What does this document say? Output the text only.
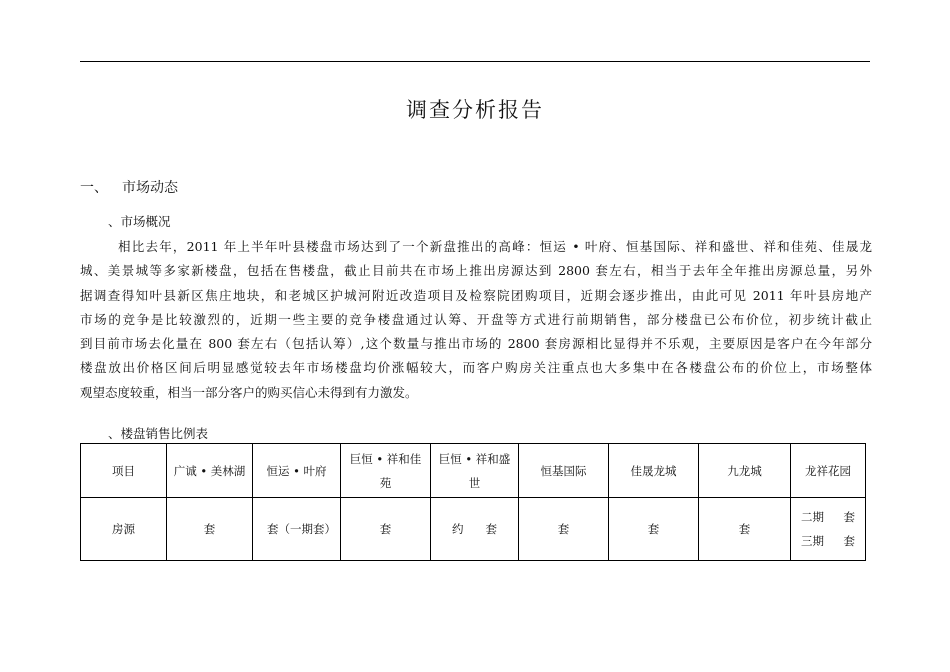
调查分析报告
一、 市场动态
、市场概况
相比去年，2011 年上半年叶县楼盘市场达到了一个新盘推出的高峰：恒运 • 叶府、恒基国际、祥和盛世、祥和佳苑、佳晟龙
城、美景城等多家新楼盘，包括在售楼盘，截止目前共在市场上推出房源达到 2800 套左右，相当于去年全年推出房源总量，另外
据调查得知叶县新区焦庄地块，和老城区护城河附近改造项目及检察院团购项目，近期会逐步推出，由此可见 2011 年叶县房地产
市场的竞争是比较激烈的，近期一些主要的竞争楼盘通过认筹、开盘等方式进行前期销售，部分楼盘已公布价位，初步统计截止
到目前市场去化量在 800 套左右（包括认筹）,这个数量与推出市场的 2800 套房源相比显得并不乐观，主要原因是客户在今年部分
楼盘放出价格区间后明显感觉较去年市场楼盘均价涨幅较大，而客户购房关注重点也大多集中在各楼盘公布的价位上，市场整体
观望态度较重，相当一部分客户的购买信心未得到有力激发。
、楼盘销售比例表
项目	广诚 • 美林湖	恒运 • 叶府	巨恒 • 祥和佳苑	巨恒 • 祥和盛世	恒基国际	佳晟龙城	九龙城	龙祥花园
房源	套	套（一期套）	套	约 套	套	套	套	二期 套
三期 套
